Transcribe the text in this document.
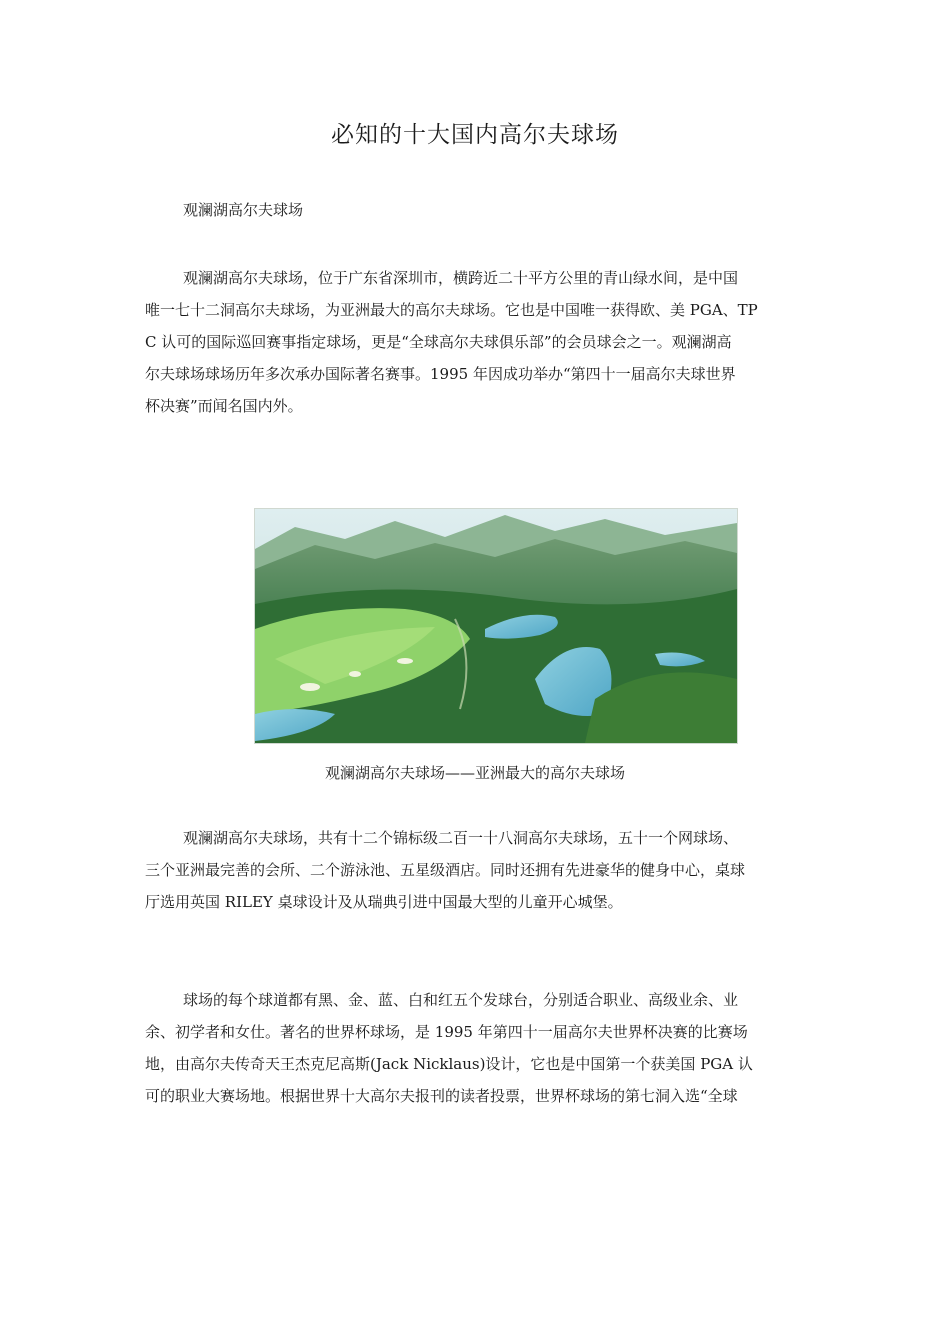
必知的十大国内高尔夫球场
观澜湖高尔夫球场

观澜湖高尔夫球场，位于广东省深圳市，横跨近二十平方公里的青山绿水间，是中国
唯一七十二洞高尔夫球场，为亚洲最大的高尔夫球场。它也是中国唯一获得欧、美 PGA、TP
C 认可的国际巡回赛事指定球场，更是“全球高尔夫球俱乐部”的会员球会之一。观澜湖高
尔夫球场球场历年多次承办国际著名赛事。1995 年因成功举办“第四十一届高尔夫球世界
杯决赛”而闻名国内外。

观澜湖高尔夫球场——亚洲最大的高尔夫球场

观澜湖高尔夫球场，共有十二个锦标级二百一十八洞高尔夫球场，五十一个网球场、
三个亚洲最完善的会所、二个游泳池、五星级酒店。同时还拥有先进豪华的健身中心，桌球
厅选用英国 RILEY 桌球设计及从瑞典引进中国最大型的儿童开心城堡。

球场的每个球道都有黑、金、蓝、白和红五个发球台，分别适合职业、高级业余、业
余、初学者和女仕。著名的世界杯球场，是 1995 年第四十一届高尔夫世界杯决赛的比赛场
地，由高尔夫传奇天王杰克尼高斯(Jack Nicklaus)设计，它也是中国第一个获美国 PGA 认
可的职业大赛场地。根据世界十大高尔夫报刊的读者投票，世界杯球场的第七洞入选“全球
